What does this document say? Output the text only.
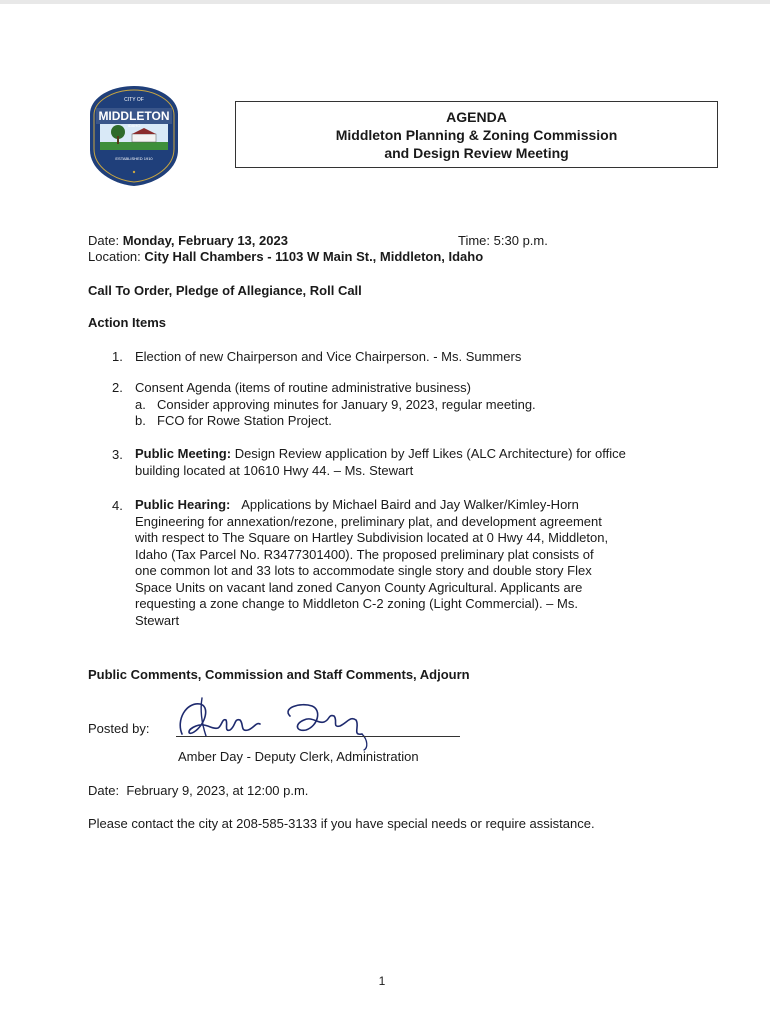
CITY OF
MIDDLETON
IDAHO
ESTABLISHED 1910
AGENDA
Middleton Planning & Zoning Commission
and Design Review Meeting
Date: Monday, February 13, 2023	Time: 5:30 p.m.
Location: City Hall Chambers - 1103 W Main St., Middleton, Idaho
Call To Order, Pledge of Allegiance, Roll Call
Action Items
1. Election of new Chairperson and Vice Chairperson. - Ms. Summers
2. Consent Agenda (items of routine administrative business)
a. Consider approving minutes for January 9, 2023, regular meeting.
b. FCO for Rowe Station Project.
3. Public Meeting: Design Review application by Jeff Likes (ALC Architecture) for office
building located at 10610 Hwy 44. – Ms. Stewart
4. Public Hearing: Applications by Michael Baird and Jay Walker/Kimley-Horn
Engineering for annexation/rezone, preliminary plat, and development agreement
with respect to The Square on Hartley Subdivision located at 0 Hwy 44, Middleton,
Idaho (Tax Parcel No. R3477301400). The proposed preliminary plat consists of
one common lot and 33 lots to accommodate single story and double story Flex
Space Units on vacant land zoned Canyon County Agricultural. Applicants are
requesting a zone change to Middleton C-2 zoning (Light Commercial). – Ms.
Stewart
Public Comments, Commission and Staff Comments, Adjourn
Posted by:
Amber Day - Deputy Clerk, Administration
Date: February 9, 2023, at 12:00 p.m.
Please contact the city at 208-585-3133 if you have special needs or require assistance.
1
